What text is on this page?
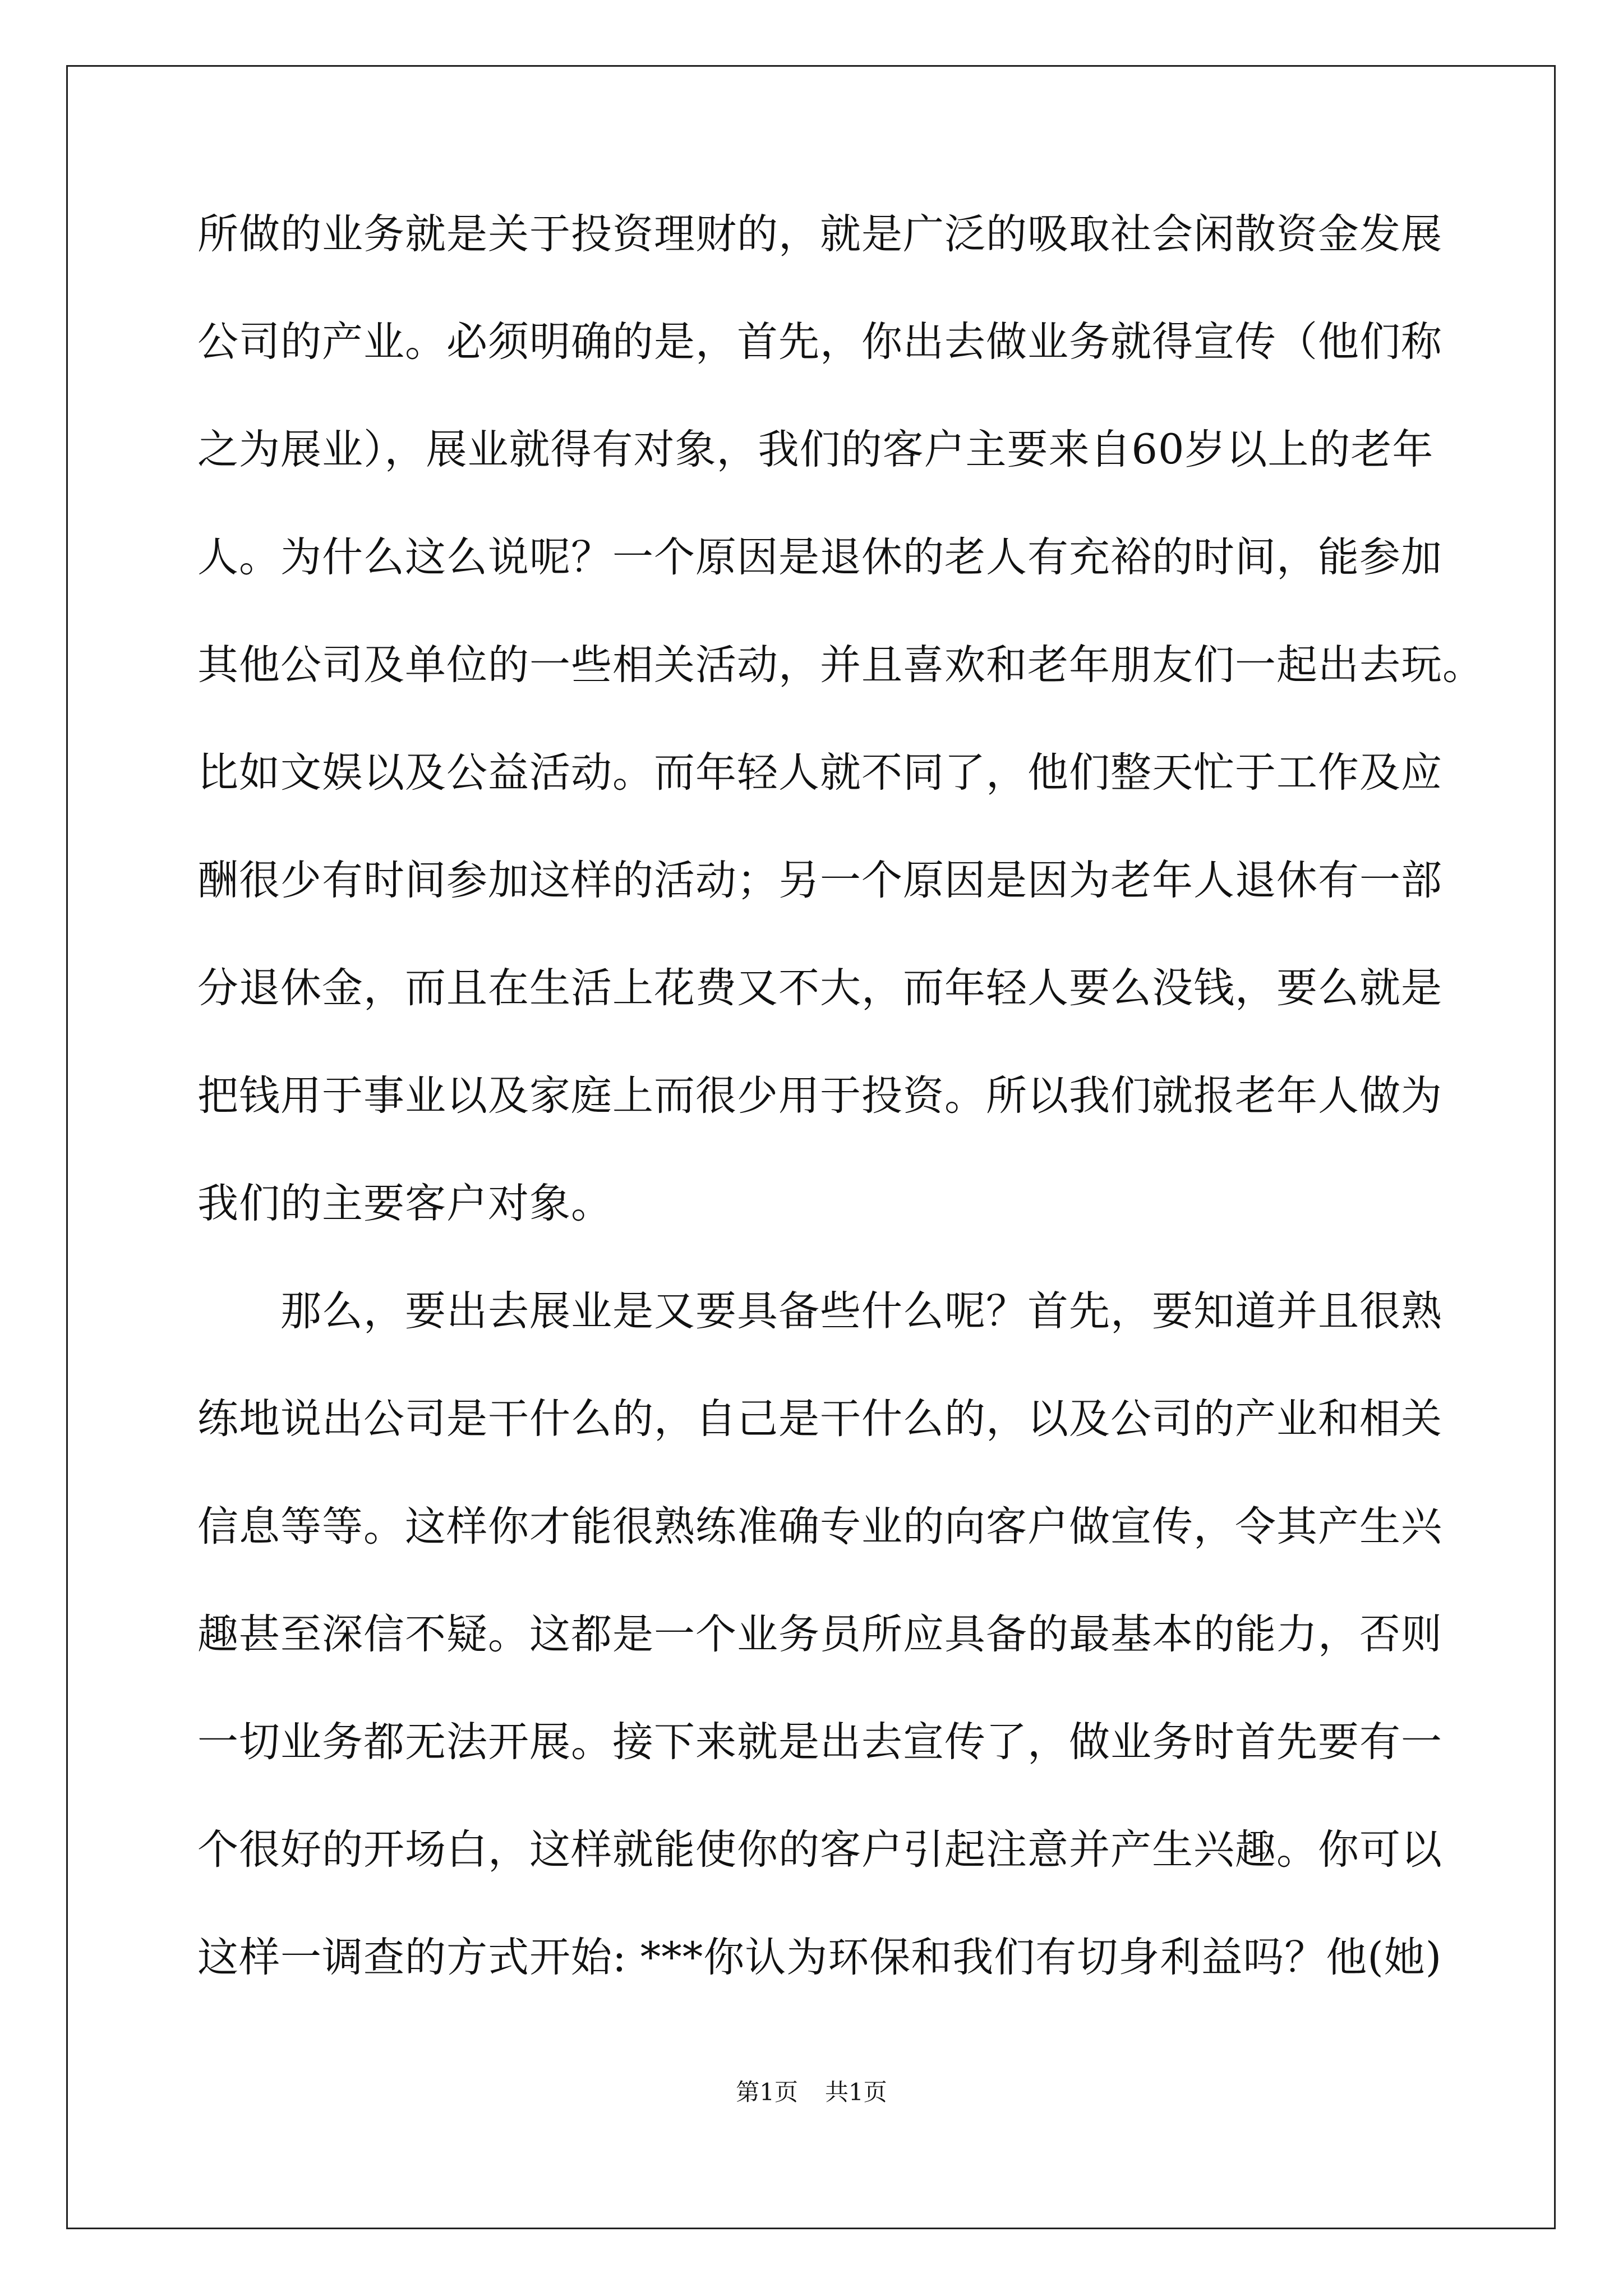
所做的业务就是关于投资理财的，就是广泛的吸取社会闲散资金发展
公司的产业。必须明确的是，首先，你出去做业务就得宣传（他们称
之为展业），展业就得有对象，我们的客户主要来自60岁以上的老年
人。为什么这么说呢？一个原因是退休的老人有充裕的时间，能参加
其他公司及单位的一些相关活动，并且喜欢和老年朋友们一起出去玩。
比如文娱以及公益活动。而年轻人就不同了，他们整天忙于工作及应
酬很少有时间参加这样的活动；另一个原因是因为老年人退休有一部
分退休金，而且在生活上花费又不大，而年轻人要么没钱，要么就是
把钱用于事业以及家庭上而很少用于投资。所以我们就报老年人做为
我们的主要客户对象。
　　那么，要出去展业是又要具备些什么呢？首先，要知道并且很熟
练地说出公司是干什么的，自己是干什么的，以及公司的产业和相关
信息等等。这样你才能很熟练准确专业的向客户做宣传，令其产生兴
趣甚至深信不疑。这都是一个业务员所应具备的最基本的能力，否则
一切业务都无法开展。接下来就是出去宣传了，做业务时首先要有一
个很好的开场白，这样就能使你的客户引起注意并产生兴趣。你可以
这样一调查的方式开始: ***你认为环保和我们有切身利益吗？他(她)
第1页 共1页
